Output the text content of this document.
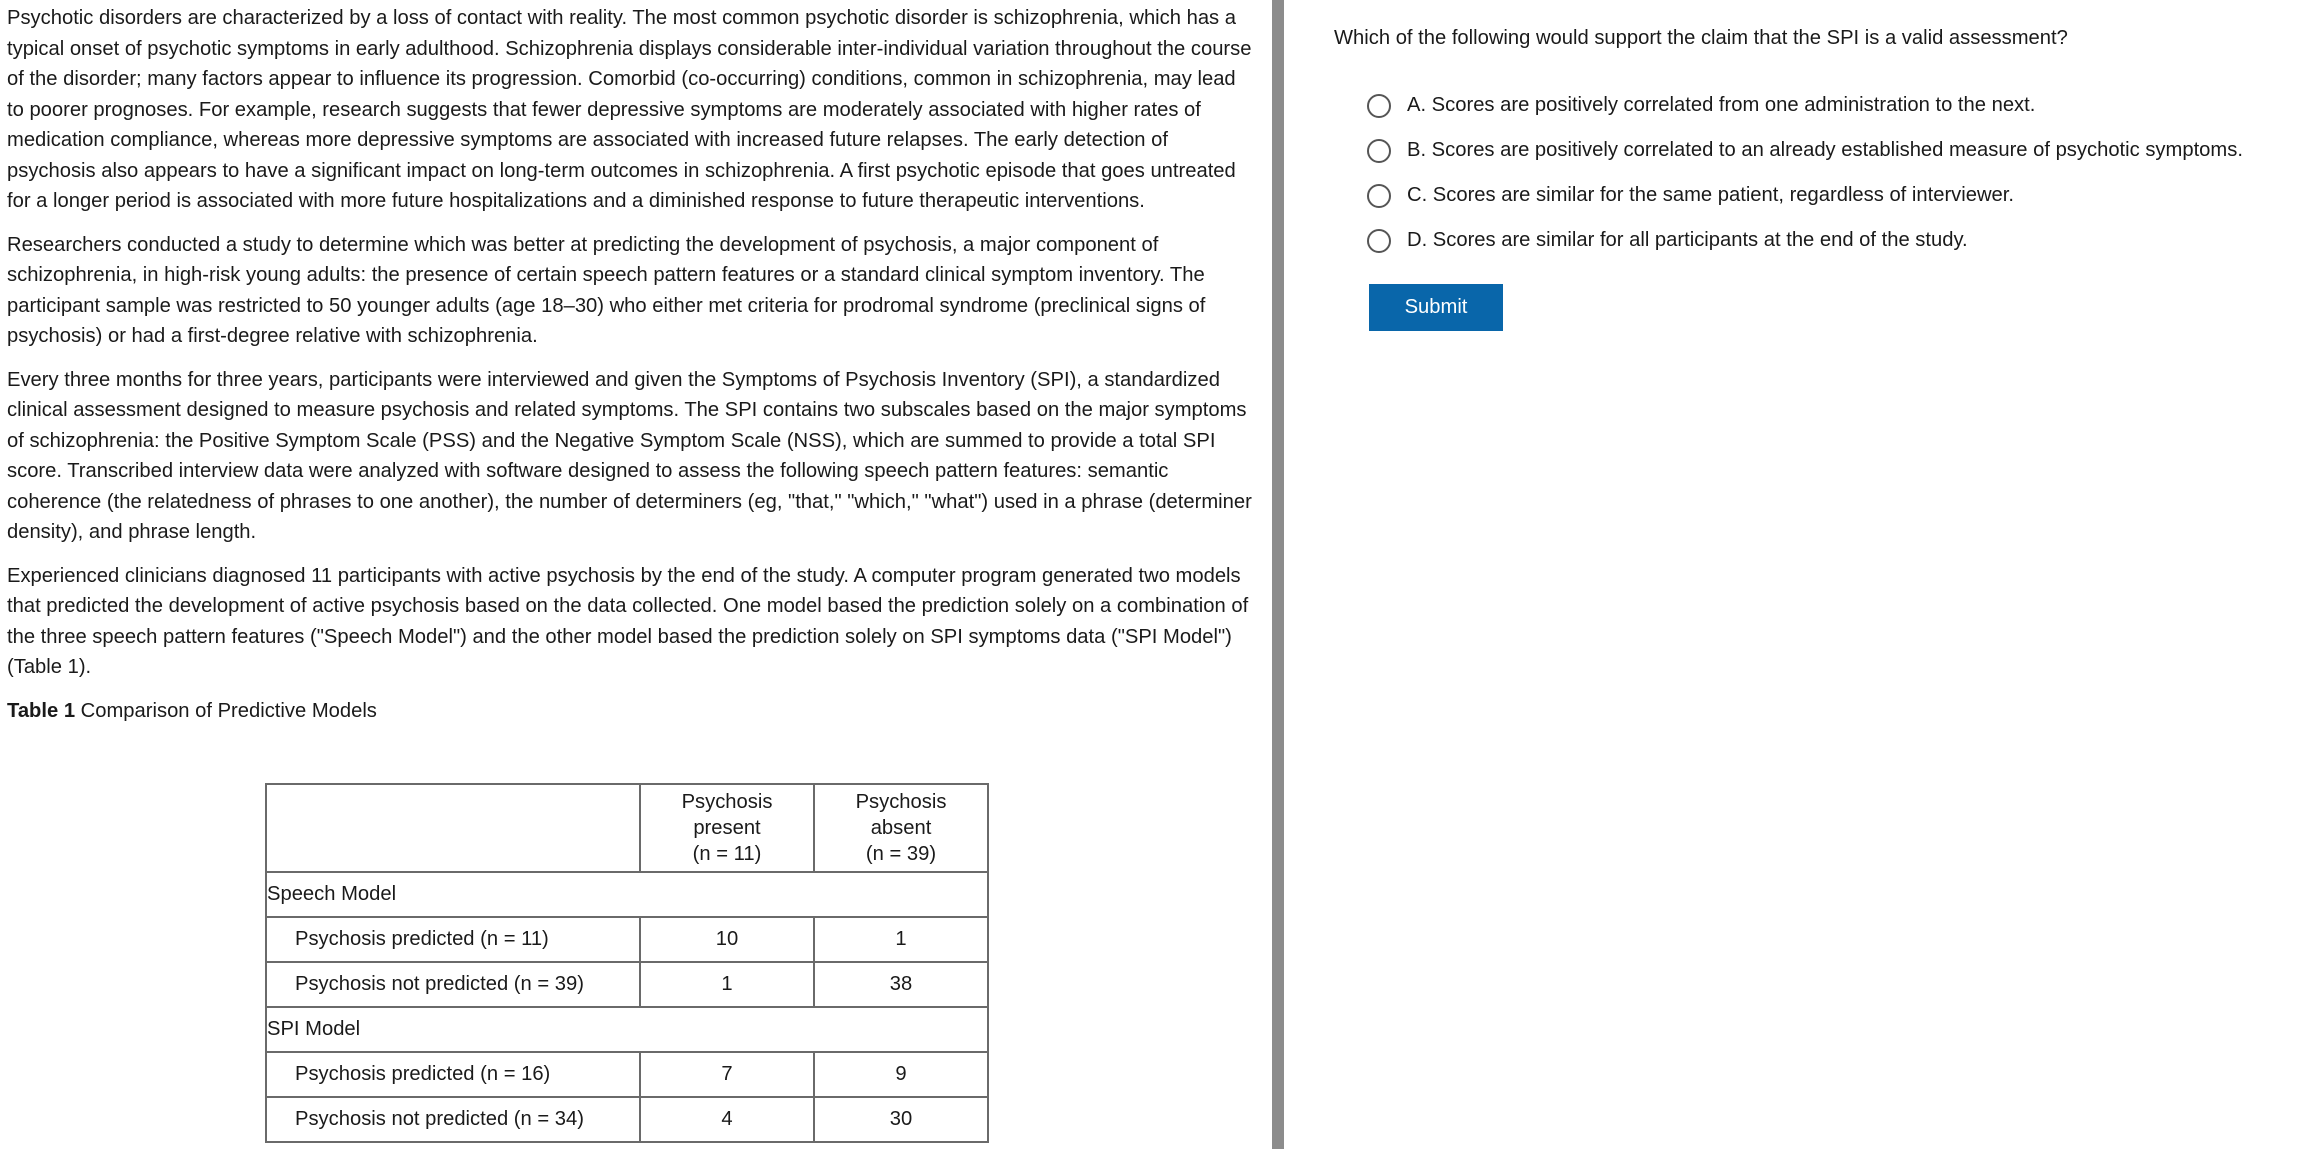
Psychotic disorders are characterized by a loss of contact with reality. The most common psychotic disorder is schizophrenia, which has a typical onset of psychotic symptoms in early adulthood. Schizophrenia displays considerable inter-individual variation throughout the course of the disorder; many factors appear to influence its progression. Comorbid (co-occurring) conditions, common in schizophrenia, may lead to poorer prognoses. For example, research suggests that fewer depressive symptoms are moderately associated with higher rates of medication compliance, whereas more depressive symptoms are associated with increased future relapses. The early detection of psychosis also appears to have a significant impact on long-term outcomes in schizophrenia. A first psychotic episode that goes untreated for a longer period is associated with more future hospitalizations and a diminished response to future therapeutic interventions.

Researchers conducted a study to determine which was better at predicting the development of psychosis, a major component of schizophrenia, in high-risk young adults: the presence of certain speech pattern features or a standard clinical symptom inventory. The participant sample was restricted to 50 younger adults (age 18–30) who either met criteria for prodromal syndrome (preclinical signs of psychosis) or had a first-degree relative with schizophrenia.

Every three months for three years, participants were interviewed and given the Symptoms of Psychosis Inventory (SPI), a standardized clinical assessment designed to measure psychosis and related symptoms. The SPI contains two subscales based on the major symptoms of schizophrenia: the Positive Symptom Scale (PSS) and the Negative Symptom Scale (NSS), which are summed to provide a total SPI score. Transcribed interview data were analyzed with software designed to assess the following speech pattern features: semantic coherence (the relatedness of phrases to one another), the number of determiners (eg, "that," "which," "what") used in a phrase (determiner density), and phrase length.

Experienced clinicians diagnosed 11 participants with active psychosis by the end of the study. A computer program generated two models that predicted the development of active psychosis based on the data collected. One model based the prediction solely on a combination of the three speech pattern features ("Speech Model") and the other model based the prediction solely on SPI symptoms data ("SPI Model") (Table 1).

Table 1 Comparison of Predictive Models

	Psychosis
present
(n = 11)	Psychosis
absent
(n = 39)
Speech Model		
Psychosis predicted (n = 11)	10	1
Psychosis not predicted (n = 39)	1	38
SPI Model		
Psychosis predicted (n = 16)	7	9
Psychosis not predicted (n = 34)	4	30

Which of the following would support the claim that the SPI is a valid assessment?

A. Scores are positively correlated from one administration to the next.
B. Scores are positively correlated to an already established measure of psychotic symptoms.
C. Scores are similar for the same patient, regardless of interviewer.
D. Scores are similar for all participants at the end of the study.
Submit
